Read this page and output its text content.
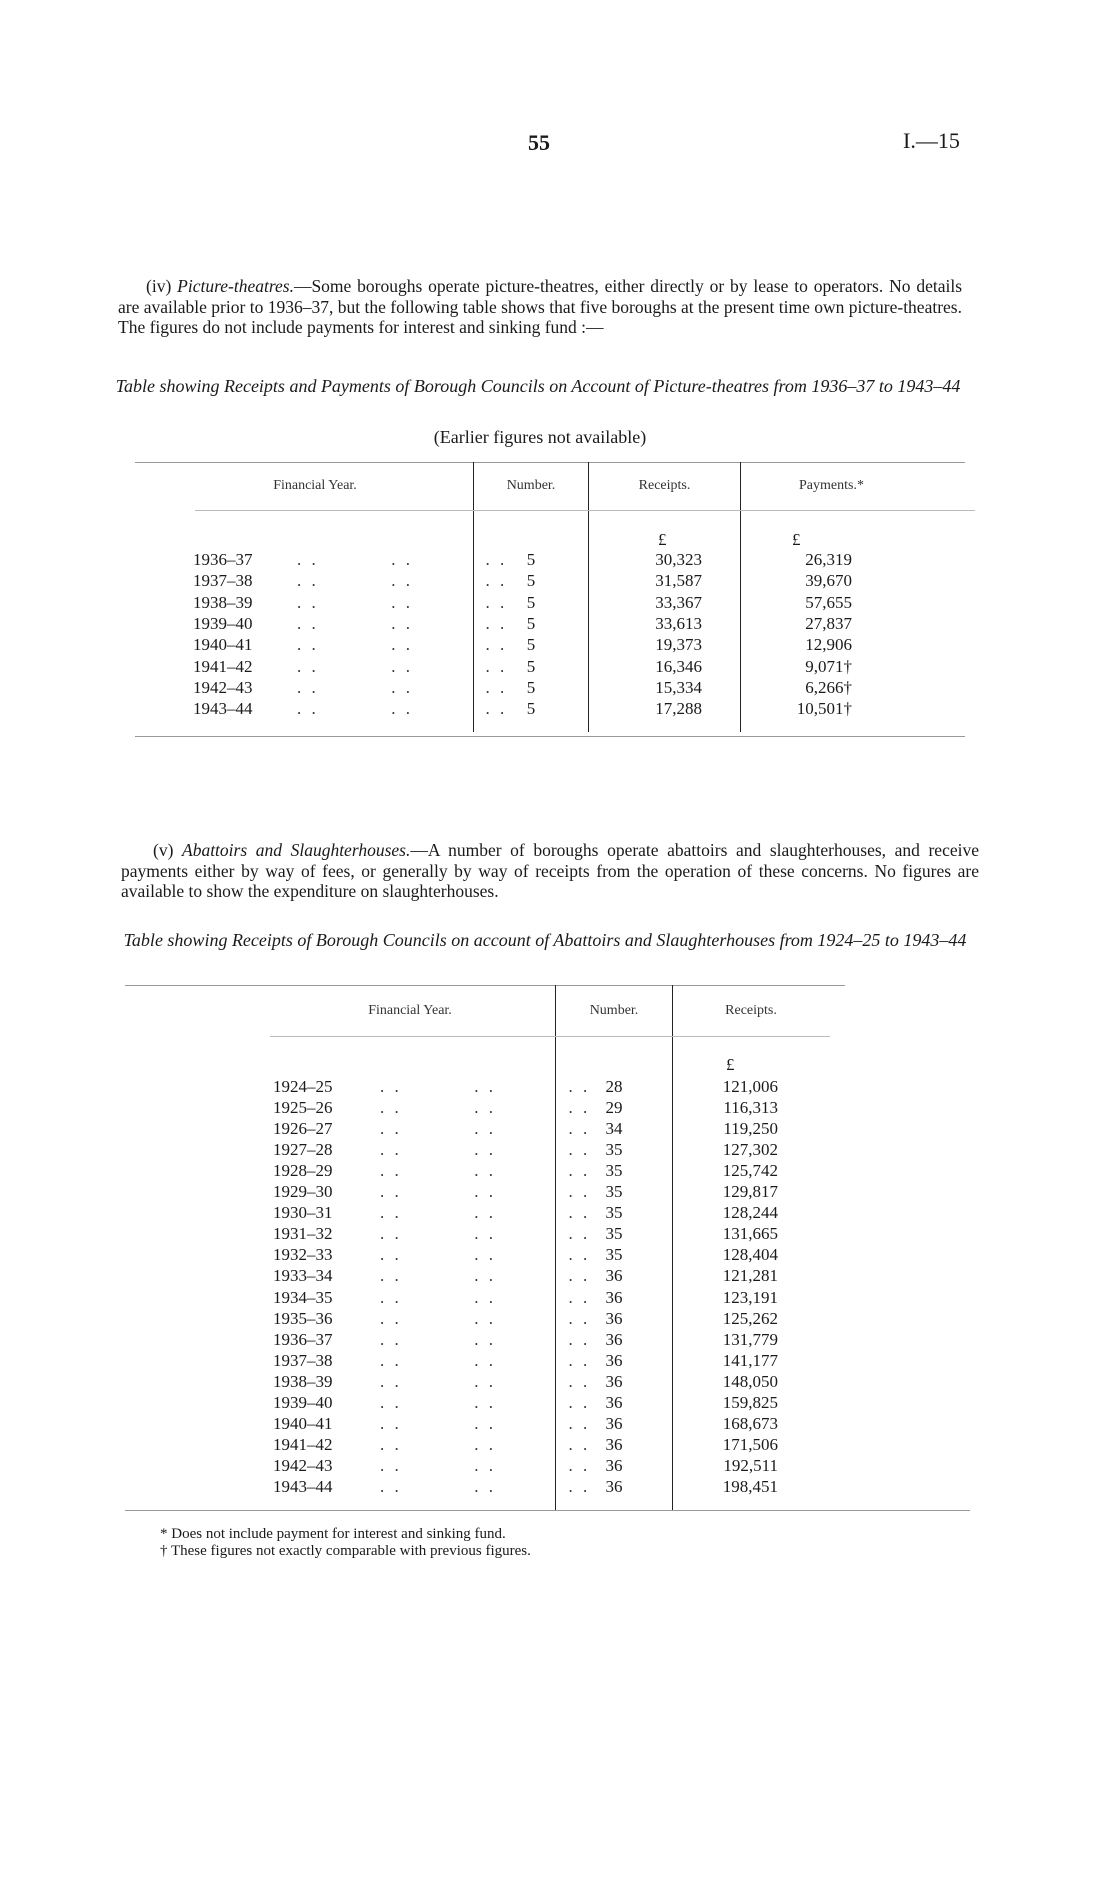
55	I.—15
(iv) Picture-theatres.—Some boroughs operate picture-theatres, either directly or by lease to operators. No details are available prior to 1936–37, but the following table shows that five boroughs at the present time own picture-theatres. The figures do not include payments for interest and sinking fund :—
Table showing Receipts and Payments of Borough Councils on Account of Picture-theatres from 1936–37 to 1943–44
(Earlier figures not available)
Financial Year.	Number.	Receipts.	Payments.*
£	£
1936–37	. .          . .          . .	5	30,323	26,319
1937–38	. .          . .          . .	5	31,587	39,670
1938–39	. .          . .          . .	5	33,367	57,655
1939–40	. .          . .          . .	5	33,613	27,837
1940–41	. .          . .          . .	5	19,373	12,906
1941–42	. .          . .          . .	5	16,346	9,071†
1942–43	. .          . .          . .	5	15,334	6,266†
1943–44	. .          . .          . .	5	17,288	10,501†
(v) Abattoirs and Slaughterhouses.—A number of boroughs operate abattoirs and slaughterhouses, and receive payments either by way of fees, or generally by way of receipts from the operation of these concerns. No figures are available to show the expenditure on slaughterhouses.
Table showing Receipts of Borough Councils on account of Abattoirs and Slaughterhouses from 1924–25 to 1943–44
Financial Year.	Number.	Receipts.
£
1924–25	. .          . .          . . 28	121,006
1925–26	. .          . .          . . 29	116,313
1926–27	. .          . .          . . 34	119,250
1927–28	. .          . .          . . 35	127,302
1928–29	. .          . .          . . 35	125,742
1929–30	. .          . .          . . 35	129,817
1930–31	. .          . .          . . 35	128,244
1931–32	. .          . .          . . 35	131,665
1932–33	. .          . .          . . 35	128,404
1933–34	. .          . .          . . 36	121,281
1934–35	. .          . .          . . 36	123,191
1935–36	. .          . .          . . 36	125,262
1936–37	. .          . .          . . 36	131,779
1937–38	. .          . .          . . 36	141,177
1938–39	. .          . .          . . 36	148,050
1939–40	. .          . .          . . 36	159,825
1940–41	. .          . .          . . 36	168,673
1941–42	. .          . .          . . 36	171,506
1942–43	. .          . .          . . 36	192,511
1943–44	. .          . .          . . 36	198,451
* Does not include payment for interest and sinking fund.
† These figures not exactly comparable with previous figures.
